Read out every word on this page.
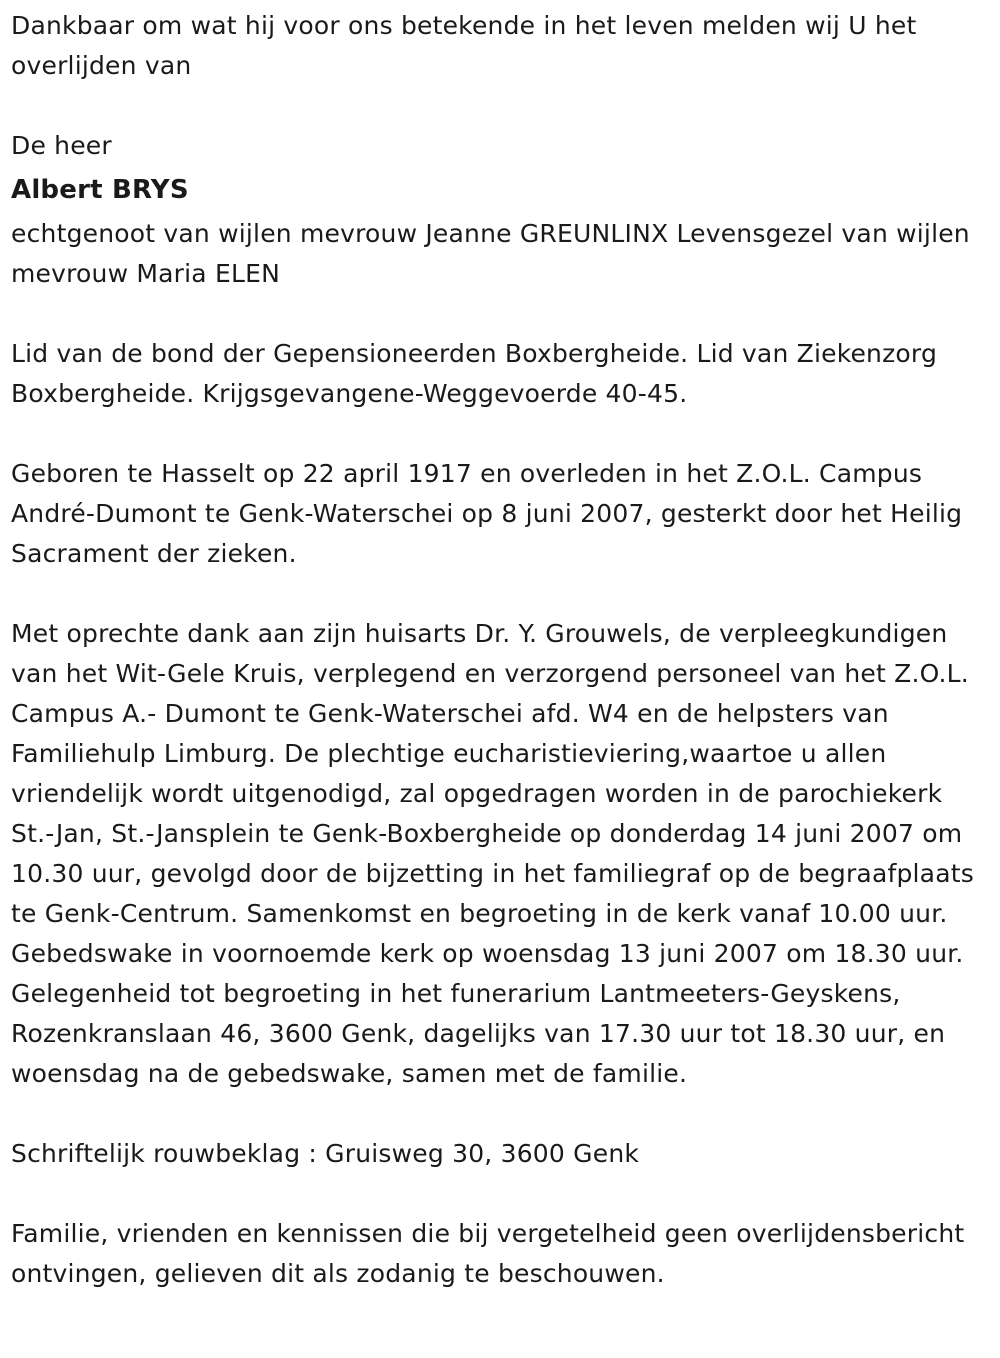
Dankbaar om wat hij voor ons betekende in het leven melden wij U het overlijden van

De heer

Albert BRYS

echtgenoot van wijlen mevrouw Jeanne GREUNLINX Levensgezel van wijlen mevrouw Maria ELEN

Lid van de bond der Gepensioneerden Boxbergheide. Lid van Ziekenzorg Boxbergheide. Krijgsgevangene-Weggevoerde 40-45.

Geboren te Hasselt op 22 april 1917 en overleden in het Z.O.L. Campus André-Dumont te Genk-Waterschei op 8 juni 2007, gesterkt door het Heilig Sacrament der zieken.

Met oprechte dank aan zijn huisarts Dr. Y. Grouwels, de verpleegkundigen van het Wit-Gele Kruis, verplegend en verzorgend personeel van het Z.O.L. Campus A.- Dumont te Genk-Waterschei afd. W4 en de helpsters van Familiehulp Limburg. De plechtige eucharistieviering,waartoe u allen vriendelijk wordt uitgenodigd, zal opgedragen worden in de parochiekerk St.-Jan, St.-Jansplein te Genk-Boxbergheide op donderdag 14 juni 2007 om 10.30 uur, gevolgd door de bijzetting in het familiegraf op de begraafplaats te Genk-Centrum. Samenkomst en begroeting in de kerk vanaf 10.00 uur. Gebedswake in voornoemde kerk op woensdag 13 juni 2007 om 18.30 uur. Gelegenheid tot begroeting in het funerarium Lantmeeters-Geyskens, Rozenkranslaan 46, 3600 Genk, dagelijks van 17.30 uur tot 18.30 uur, en woensdag na de gebedswake, samen met de familie.

Schriftelijk rouwbeklag : Gruisweg 30, 3600 Genk

Familie, vrienden en kennissen die bij vergetelheid geen overlijdensbericht ontvingen, gelieven dit als zodanig te beschouwen.
